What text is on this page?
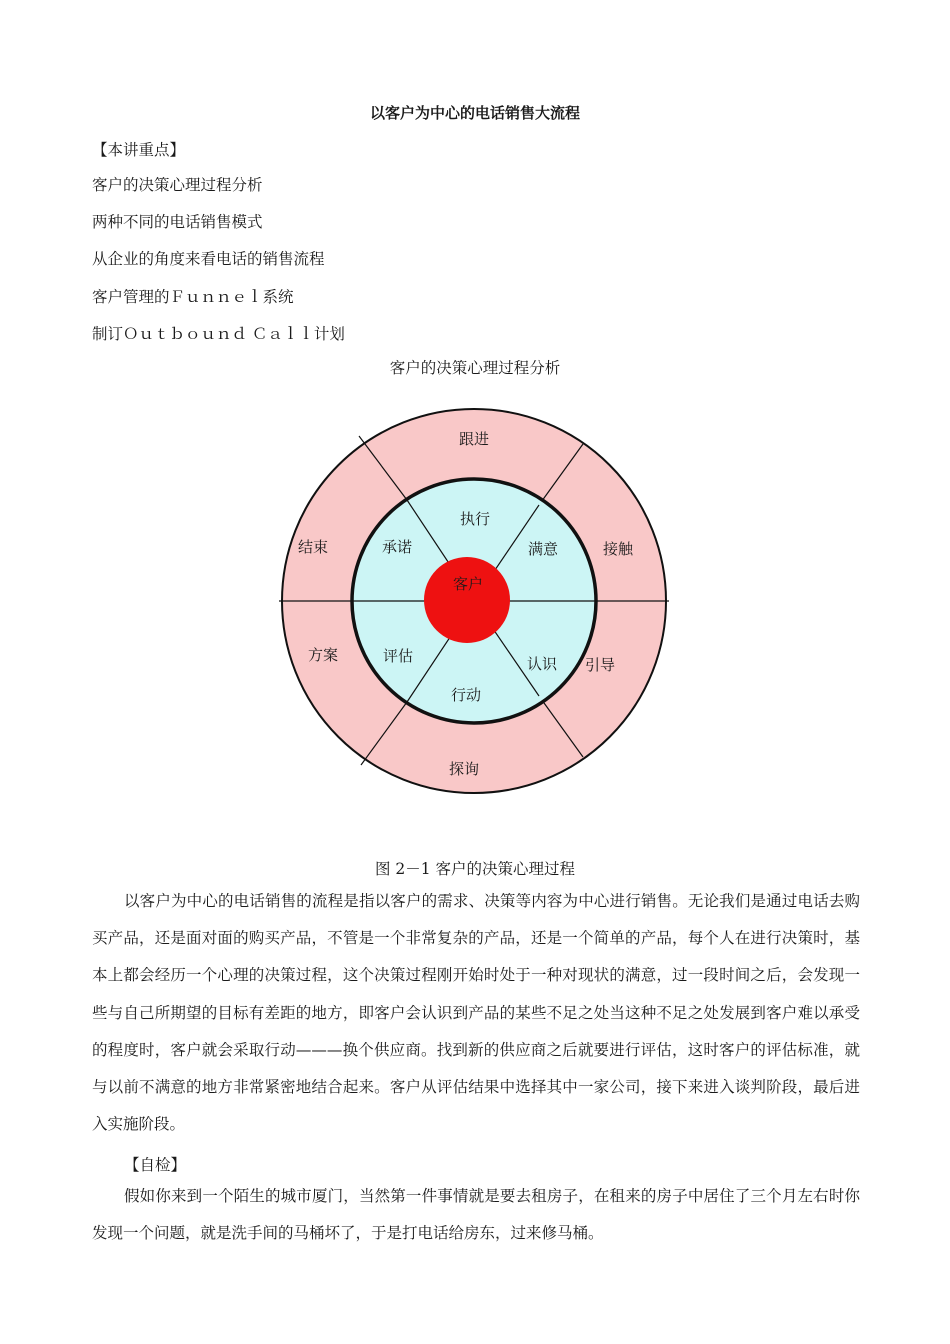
以客户为中心的电话销售大流程
【本讲重点】
客户的决策心理过程分析
两种不同的电话销售模式
从企业的角度来看电话的销售流程
客户管理的Ｆｕｎｎｅｌ系统
制订Ｏｕｔｂｏｕｎｄ Ｃａｌｌ计划
客户的决策心理过程分析
跟进
接触
引导
探询
方案
结束
执行
满意
认识
行动
评估
承诺
客户
图 2－1 客户的决策心理过程
以客户为中心的电话销售的流程是指以客户的需求、决策等内容为中心进行销售。无论我们是通过电话去购买产品，还是面对面的购买产品，不管是一个非常复杂的产品，还是一个简单的产品，每个人在进行决策时，基本上都会经历一个心理的决策过程，这个决策过程刚开始时处于一种对现状的满意，过一段时间之后，会发现一些与自己所期望的目标有差距的地方，即客户会认识到产品的某些不足之处当这种不足之处发展到客户难以承受的程度时，客户就会采取行动———换个供应商。找到新的供应商之后就要进行评估，这时客户的评估标准，就与以前不满意的地方非常紧密地结合起来。客户从评估结果中选择其中一家公司，接下来进入谈判阶段，最后进入实施阶段。
【自检】
假如你来到一个陌生的城市厦门，当然第一件事情就是要去租房子，在租来的房子中居住了三个月左右时你发现一个问题，就是洗手间的马桶坏了，于是打电话给房东，过来修马桶。
